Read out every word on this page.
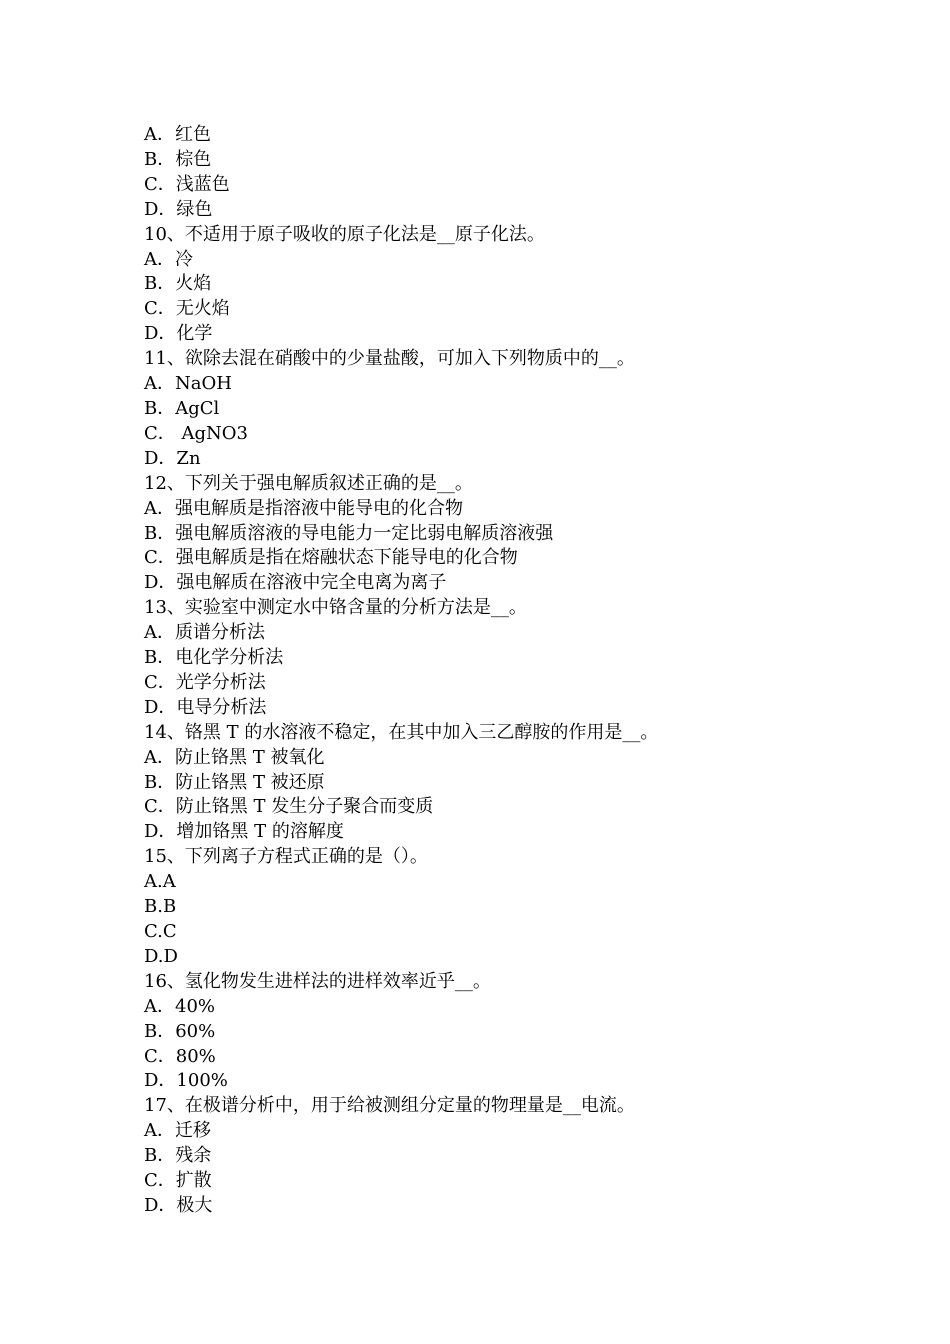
A．红色

B．棕色

C．浅蓝色

D．绿色

10、不适用于原子吸收的原子化法是__原子化法。

A．冷

B．火焰

C．无火焰

D．化学

11、欲除去混在硝酸中的少量盐酸，可加入下列物质中的__。

A．NaOH

B．AgCl

C． AgNO3

D．Zn

12、下列关于强电解质叙述正确的是__。

A．强电解质是指溶液中能导电的化合物

B．强电解质溶液的导电能力一定比弱电解质溶液强

C．强电解质是指在熔融状态下能导电的化合物

D．强电解质在溶液中完全电离为离子

13、实验室中测定水中铬含量的分析方法是__。

A．质谱分析法

B．电化学分析法

C．光学分析法

D．电导分析法

14、铬黑 T 的水溶液不稳定，在其中加入三乙醇胺的作用是__。

A．防止铬黑 T 被氧化

B．防止铬黑 T 被还原

C．防止铬黑 T 发生分子聚合而变质

D．增加铬黑 T 的溶解度

15、下列离子方程式正确的是（）。

A.A

B.B

C.C

D.D

16、氢化物发生进样法的进样效率近乎__。

A．40%

B．60%

C．80%

D．100%

17、在极谱分析中，用于给被测组分定量的物理量是__电流。

A．迁移

B．残余

C．扩散

D．极大
